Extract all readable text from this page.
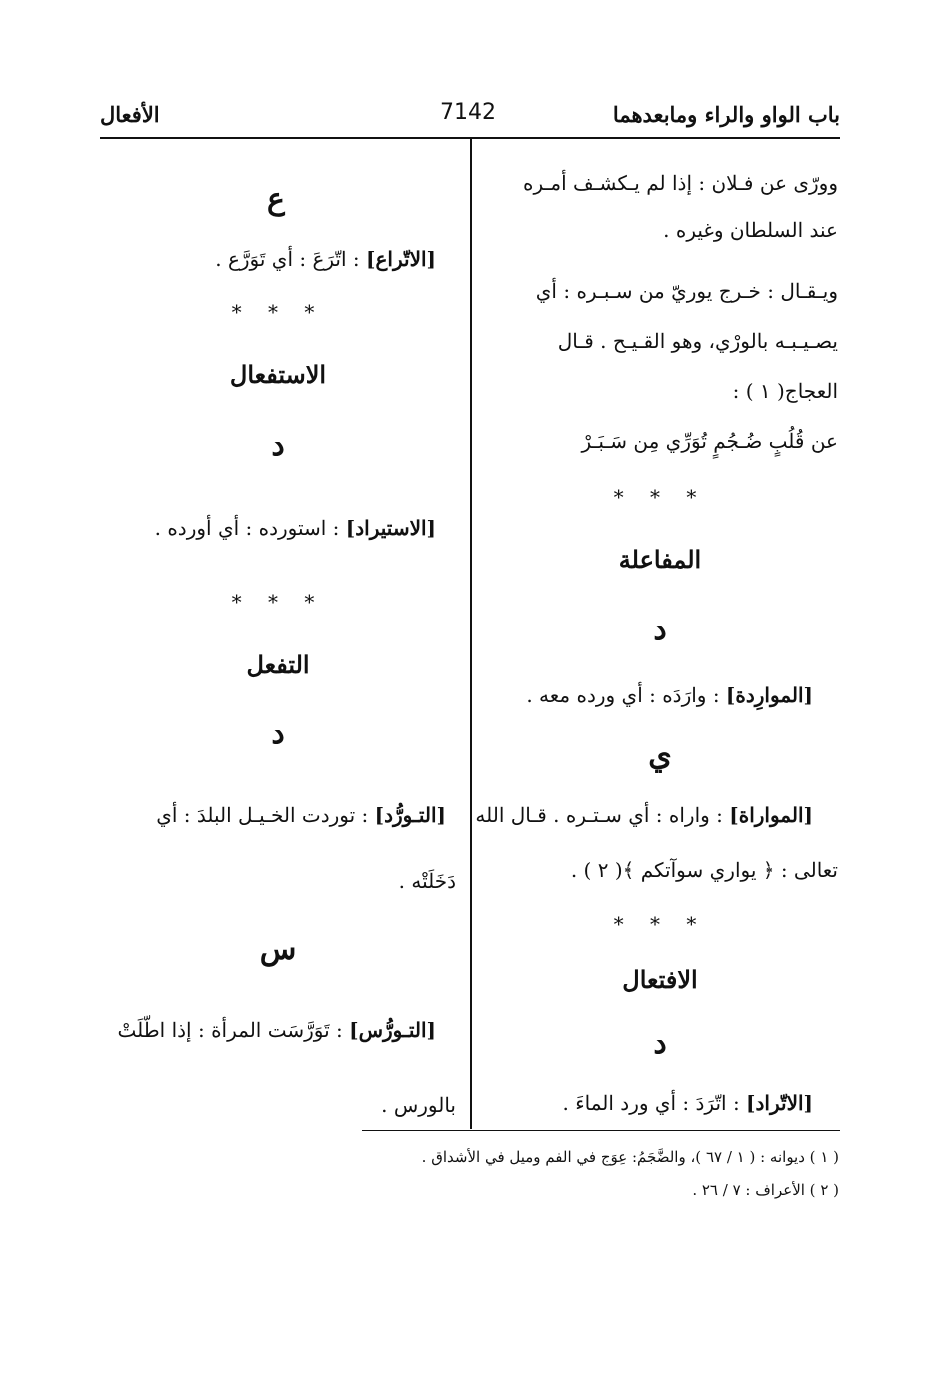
باب الواو والراء ومابعدهما
7142
الأفعال

وورّى عن فـلان : إذا لم يـكشـف أمـره

عند السلطان وغيره .

ويـقـال : خـرج يوريّ من سـبـره : أي

يصـيـبـه بالورْي، وهو القـيـح . قـال

العجاج( ١ ) :

عن قُلُبٍ ضُـجُمٍ تُوَرِّي مِن سَـبَـرْ

* * *
المفاعلة
د

[الموارِدة] : وارَدَه : أي ورده معه .

ي

[المواراة] : واراه : أي سـتـره . قـال الله

تعالى : ﴿ يواري سوآتكم ﴾( ٢ ) .

* * *
الافتعال
د

[الاتّراد] : اتّرَدَ : أي ورد الماءَ .

ع

[الاتّراع] : اتّرَعَ : أي تَوَرَّع .

* * *
الاستفعال
د

[الاستيراد] : استورده : أي أورده .

* * *
التفعل
د

[التـورُّد] : توردت الخـيـل البلدَ : أي

دَخَلَتْه .

س

[التـورُّس] : تَوَرَّسَت المرأة : إذا اطّلَتْ

بالورس .

( ١ ) ديوانه : ( ١ / ٦٧ )، والضَّجَمُ: عِوَج في الفم وميل في الأشداق .
( ٢ ) الأعراف : ٧ / ٢٦ .
